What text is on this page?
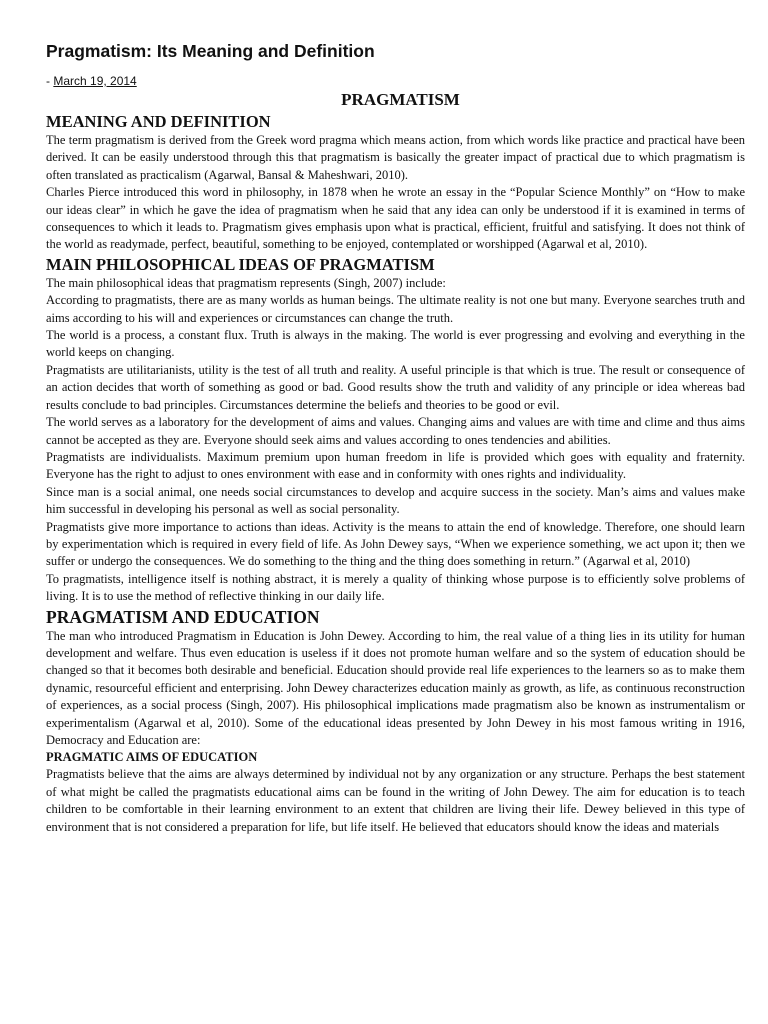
Pragmatism: Its Meaning and Definition
- March 19, 2014
PRAGMATISM
MEANING AND DEFINITION

The term pragmatism is derived from the Greek word pragma which means action, from which words like practice and practical have been derived. It can be easily understood through this that pragmatism is basically the greater impact of practical due to which pragmatism is often translated as practicalism (Agarwal, Bansal & Maheshwari, 2010).

Charles Pierce introduced this word in philosophy, in 1878 when he wrote an essay in the “Popular Science Monthly” on “How to make our ideas clear” in which he gave the idea of pragmatism when he said that any idea can only be understood if it is examined in terms of consequences to which it leads to. Pragmatism gives emphasis upon what is practical, efficient, fruitful and satisfying. It does not think of the world as readymade, perfect, beautiful, something to be enjoyed, contemplated or worshipped (Agarwal et al, 2010).

MAIN PHILOSOPHICAL IDEAS OF PRAGMATISM

The main philosophical ideas that pragmatism represents (Singh, 2007) include:

According to pragmatists, there are as many worlds as human beings. The ultimate reality is not one but many. Everyone searches truth and aims according to his will and experiences or circumstances can change the truth.

The world is a process, a constant flux. Truth is always in the making. The world is ever progressing and evolving and everything in the world keeps on changing.

Pragmatists are utilitarianists, utility is the test of all truth and reality. A useful principle is that which is true. The result or consequence of an action decides that worth of something as good or bad. Good results show the truth and validity of any principle or idea whereas bad results conclude to bad principles. Circumstances determine the beliefs and theories to be good or evil.

The world serves as a laboratory for the development of aims and values. Changing aims and values are with time and clime and thus aims cannot be accepted as they are. Everyone should seek aims and values according to ones tendencies and abilities.

Pragmatists are individualists. Maximum premium upon human freedom in life is provided which goes with equality and fraternity. Everyone has the right to adjust to ones environment with ease and in conformity with ones rights and individuality.

Since man is a social animal, one needs social circumstances to develop and acquire success in the society. Man’s aims and values make him successful in developing his personal as well as social personality.

Pragmatists give more importance to actions than ideas. Activity is the means to attain the end of knowledge. Therefore, one should learn by experimentation which is required in every field of life. As John Dewey says, “When we experience something, we act upon it; then we suffer or undergo the consequences. We do something to the thing and the thing does something in return.” (Agarwal et al, 2010)

To pragmatists, intelligence itself is nothing abstract, it is merely a quality of thinking whose purpose is to efficiently solve problems of living. It is to use the method of reflective thinking in our daily life.

PRAGMATISM AND EDUCATION

The man who introduced Pragmatism in Education is John Dewey. According to him, the real value of a thing lies in its utility for human development and welfare. Thus even education is useless if it does not promote human welfare and so the system of education should be changed so that it becomes both desirable and beneficial. Education should provide real life experiences to the learners so as to make them dynamic, resourceful efficient and enterprising. John Dewey characterizes education mainly as growth, as life, as continuous reconstruction of experiences, as a social process (Singh, 2007). His philosophical implications made pragmatism also be known as instrumentalism or experimentalism (Agarwal et al, 2010). Some of the educational ideas presented by John Dewey in his most famous writing in 1916, Democracy and Education are:

PRAGMATIC AIMS OF EDUCATION

Pragmatists believe that the aims are always determined by individual not by any organization or any structure. Perhaps the best statement of what might be called the pragmatists educational aims can be found in the writing of John Dewey. The aim for education is to teach children to be comfortable in their learning environment to an extent that children are living their life. Dewey believed in this type of environment that is not considered a preparation for life, but life itself. He believed that educators should know the ideas and materials
